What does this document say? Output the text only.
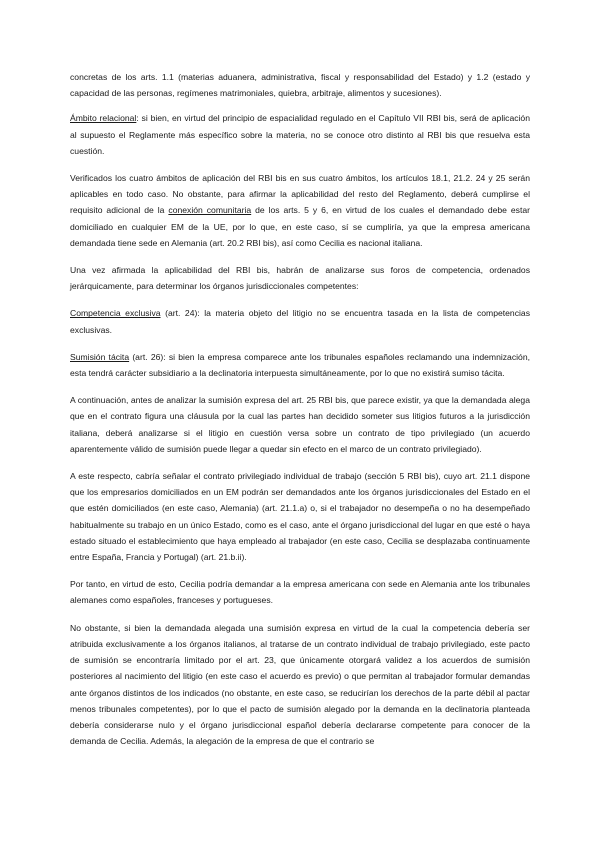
concretas de los arts. 1.1 (materias aduanera, administrativa, fiscal y responsabilidad del Estado) y 1.2 (estado y capacidad de las personas, regímenes matrimoniales, quiebra, arbitraje, alimentos y sucesiones).

Ámbito relacional: si bien, en virtud del principio de espacialidad regulado en el Capítulo VII RBI bis, será de aplicación al supuesto el Reglamente más específico sobre la materia, no se conoce otro distinto al RBI bis que resuelva esta cuestión.

Verificados los cuatro ámbitos de aplicación del RBI bis en sus cuatro ámbitos, los artículos 18.1, 21.2. 24 y 25 serán aplicables en todo caso. No obstante, para afirmar la aplicabilidad del resto del Reglamento, deberá cumplirse el requisito adicional de la conexión comunitaria de los arts. 5 y 6, en virtud de los cuales el demandado debe estar domiciliado en cualquier EM de la UE, por lo que, en este caso, sí se cumpliría, ya que la empresa americana demandada tiene sede en Alemania (art. 20.2 RBI bis), así como Cecilia es nacional italiana.

Una vez afirmada la aplicabilidad del RBI bis, habrán de analizarse sus foros de competencia, ordenados jerárquicamente, para determinar los órganos jurisdiccionales competentes:

Competencia exclusiva (art. 24): la materia objeto del litigio no se encuentra tasada en la lista de competencias exclusivas.

Sumisión tácita (art. 26): si bien la empresa comparece ante los tribunales españoles reclamando una indemnización, esta tendrá carácter subsidiario a la declinatoria interpuesta simultáneamente, por lo que no existirá sumiso tácita.

A continuación, antes de analizar la sumisión expresa del art. 25 RBI bis, que parece existir, ya que la demandada alega que en el contrato figura una cláusula por la cual las partes han decidido someter sus litigios futuros a la jurisdicción italiana, deberá analizarse si el litigio en cuestión versa sobre un contrato de tipo privilegiado (un acuerdo aparentemente válido de sumisión puede llegar a quedar sin efecto en el marco de un contrato privilegiado).

A este respecto, cabría señalar el contrato privilegiado individual de trabajo (sección 5 RBI bis), cuyo art. 21.1 dispone que los empresarios domiciliados en un EM podrán ser demandados ante los órganos jurisdiccionales del Estado en el que estén domiciliados (en este caso, Alemania) (art. 21.1.a) o, si el trabajador no desempeña o no ha desempeñado habitualmente su trabajo en un único Estado, como es el caso, ante el órgano jurisdiccional del lugar en que esté o haya estado situado el establecimiento que haya empleado al trabajador (en este caso, Cecilia se desplazaba continuamente entre España, Francia y Portugal) (art. 21.b.ii).

Por tanto, en virtud de esto, Cecilia podría demandar a la empresa americana con sede en Alemania ante los tribunales alemanes como españoles, franceses y portugueses.

No obstante, si bien la demandada alegada una sumisión expresa en virtud de la cual la competencia debería ser atribuida exclusivamente a los órganos italianos, al tratarse de un contrato individual de trabajo privilegiado, este pacto de sumisión se encontraría limitado por el art. 23, que únicamente otorgará validez a los acuerdos de sumisión posteriores al nacimiento del litigio (en este caso el acuerdo es previo) o que permitan al trabajador formular demandas ante órganos distintos de los indicados (no obstante, en este caso, se reducirían los derechos de la parte débil al pactar menos tribunales competentes), por lo que el pacto de sumisión alegado por la demanda en la declinatoria planteada debería considerarse nulo y el órgano jurisdiccional español debería declararse competente para conocer de la demanda de Cecilia. Además, la alegación de la empresa de que el contrario se
